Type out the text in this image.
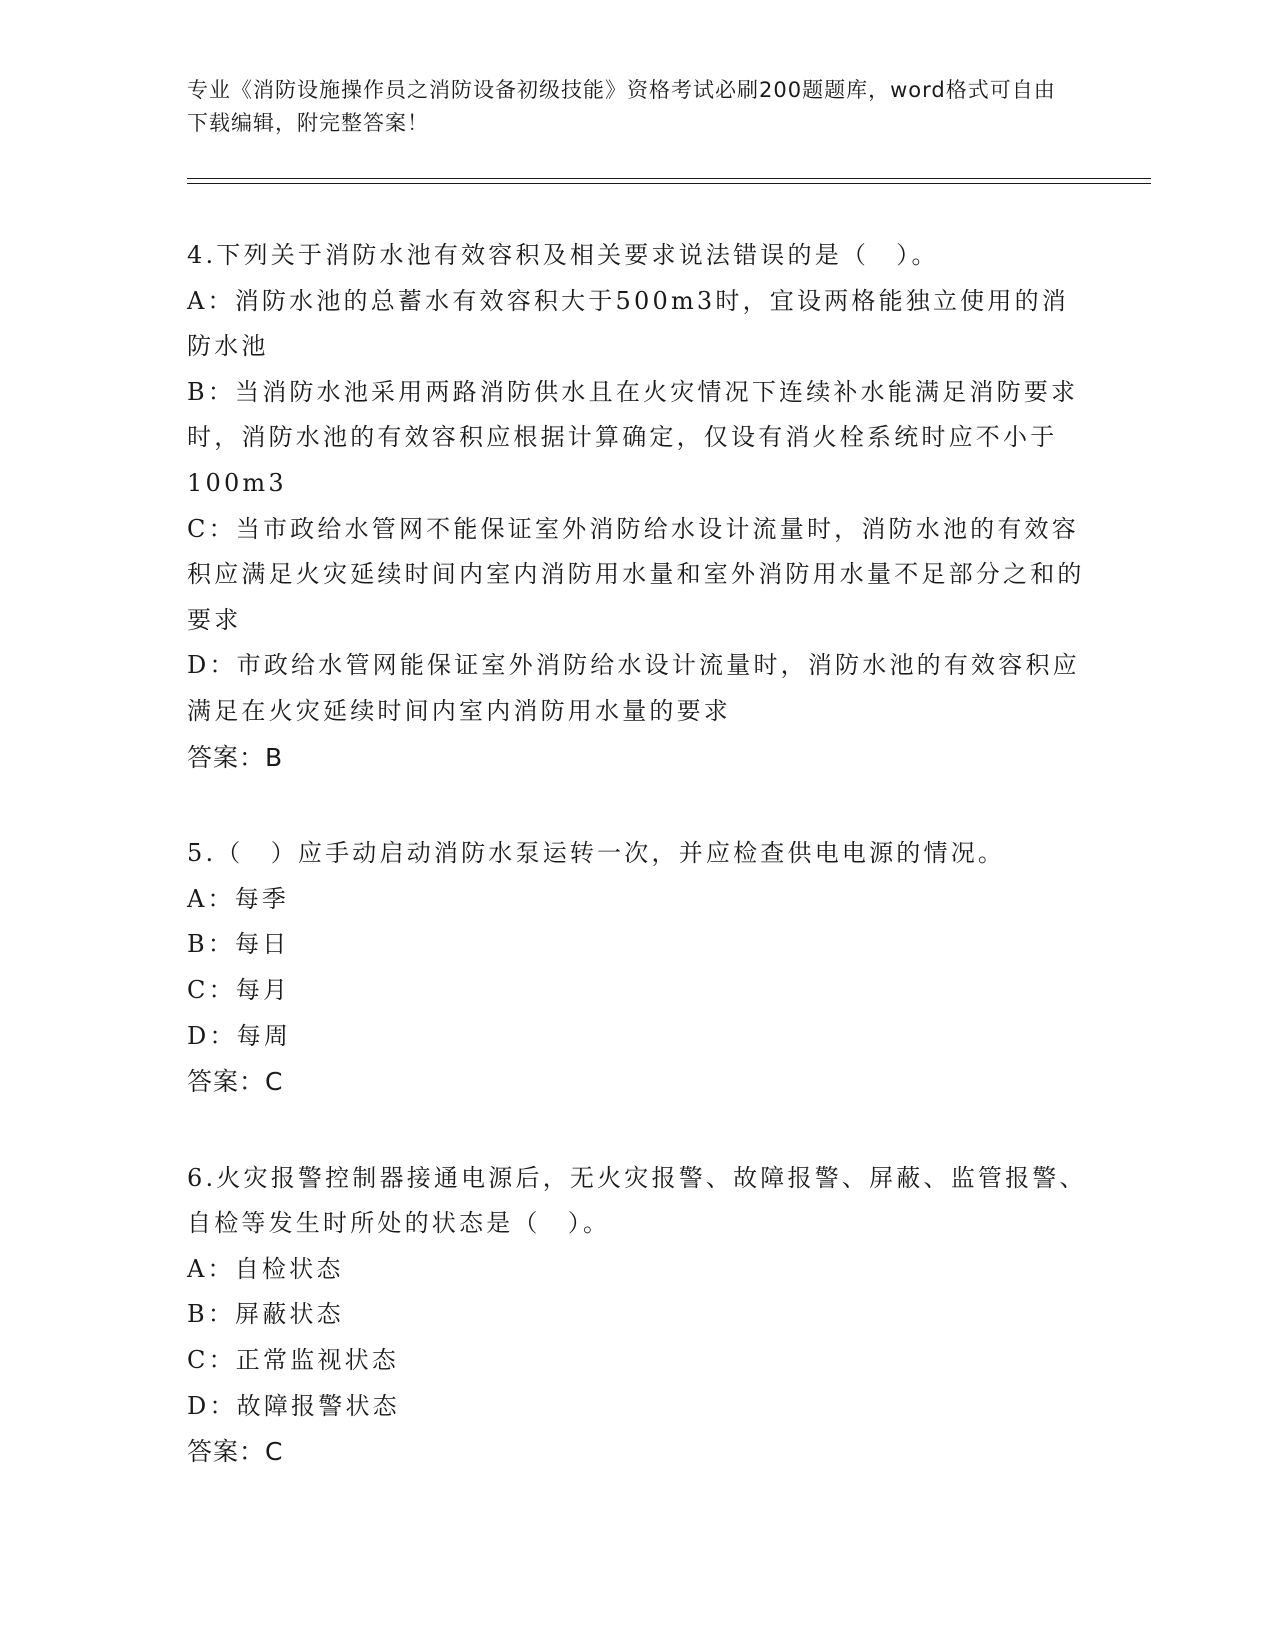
专业《消防设施操作员之消防设备初级技能》资格考试必刷200题题库，word格式可自由下载编辑，附完整答案！

4.下列关于消防水池有效容积及相关要求说法错误的是（　）。

A：消防水池的总蓄水有效容积大于500m3时，宜设两格能独立使用的消防水池

B：当消防水池采用两路消防供水且在火灾情况下连续补水能满足消防要求时，消防水池的有效容积应根据计算确定，仅设有消火栓系统时应不小于100m3

C：当市政给水管网不能保证室外消防给水设计流量时，消防水池的有效容积应满足火灾延续时间内室内消防用水量和室外消防用水量不足部分之和的要求

D：市政给水管网能保证室外消防给水设计流量时，消防水池的有效容积应满足在火灾延续时间内室内消防用水量的要求

答案：B

5.（　）应手动启动消防水泵运转一次，并应检查供电电源的情况。

A：每季

B：每日

C：每月

D：每周

答案：C

6.火灾报警控制器接通电源后，无火灾报警、故障报警、屏蔽、监管报警、自检等发生时所处的状态是（　）。

A：自检状态

B：屏蔽状态

C：正常监视状态

D：故障报警状态

答案：C
